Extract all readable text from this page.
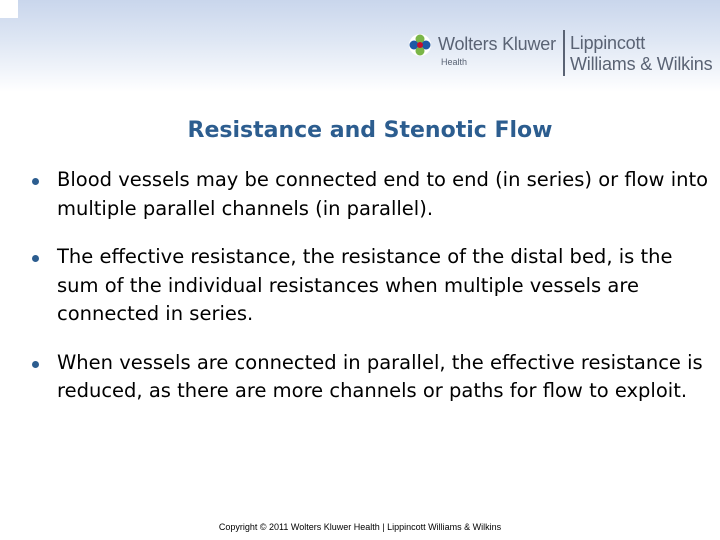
Wolters Kluwer
Health
Lippincott
Williams & Wilkins
Resistance and Stenotic Flow
Blood vessels may be connected end to end (in series) or flow into multiple parallel channels (in parallel).
The effective resistance, the resistance of the distal bed, is the sum of the individual resistances when multiple vessels are connected in series.
When vessels are connected in parallel, the effective resistance is reduced, as there are more channels or paths for flow to exploit.
Copyright © 2011 Wolters Kluwer Health | Lippincott Williams & Wilkins
